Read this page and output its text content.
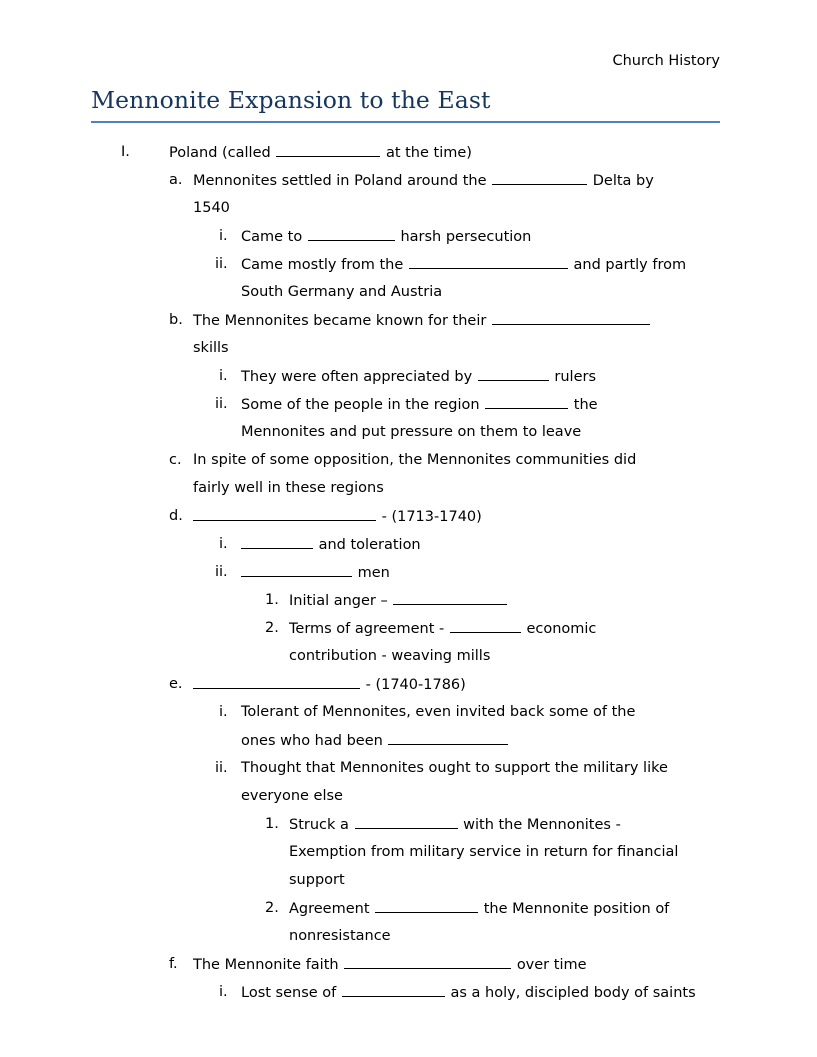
Church History
Mennonite Expansion to the East
I.	Poland (called	at the time)
a. Mennonites settled in Poland around the	Delta by
1540
i. Came to	harsh persecution
ii. Came mostly from the	and partly from
South Germany and Austria
b. The Mennonites became known for their
skills
i. They were often appreciated by	rulers
ii. Some of the people in the region	the
Mennonites and put pressure on them to leave
c. In spite of some opposition, the Mennonites communities did
fairly well in these regions
d.	- (1713-1740)
i.	and toleration
ii.	men
1. Initial anger –
2. Terms of agreement -	economic
contribution - weaving mills
e.	- (1740-1786)
i. Tolerant of Mennonites, even invited back some of the
ones who had been
ii. Thought that Mennonites ought to support the military like
everyone else
1. Struck a	with the Mennonites -
Exemption from military service in return for financial
support
2. Agreement	the Mennonite position of
nonresistance
f. The Mennonite faith	over time
i. Lost sense of	as a holy, discipled body of saints
